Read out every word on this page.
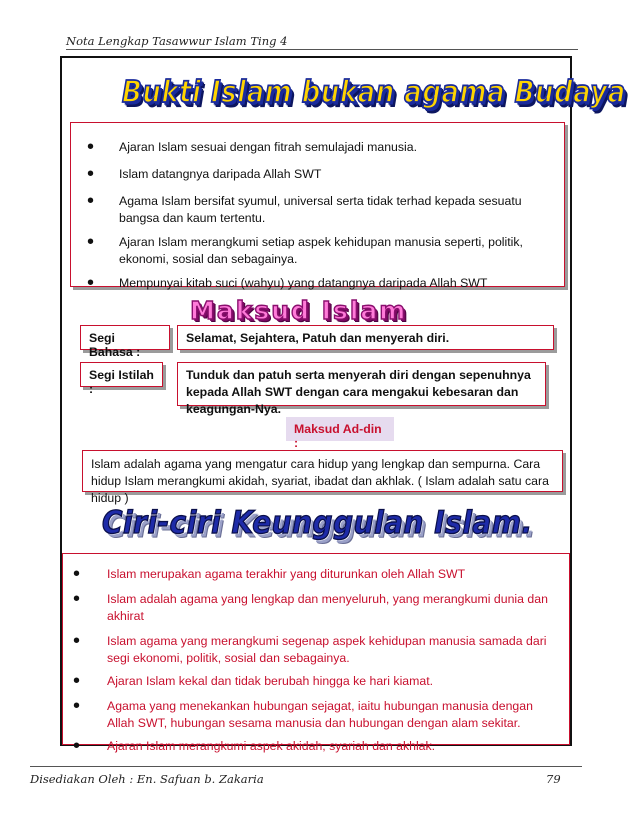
Nota Lengkap Tasawwur Islam Ting 4
Bukti Islam bukan agama Budaya
• Ajaran Islam sesuai dengan fitrah semulajadi manusia.
• Islam datangnya daripada Allah SWT
• Agama Islam bersifat syumul, universal serta tidak terhad kepada sesuatu bangsa dan kaum tertentu.
• Ajaran Islam merangkumi setiap aspek kehidupan manusia seperti, politik, ekonomi, sosial dan sebagainya.
• Mempunyai kitab suci (wahyu) yang datangnya daripada Allah SWT
Maksud Islam
Segi Bahasa :
Selamat, Sejahtera, Patuh dan menyerah diri.
Segi Istilah :
Tunduk dan patuh serta menyerah diri dengan sepenuhnya kepada Allah SWT dengan cara mengakui kebesaran dan keagungan-Nya.
Maksud Ad-din :
Islam adalah agama yang mengatur cara hidup yang lengkap dan sempurna. Cara hidup Islam merangkumi akidah, syariat, ibadat dan akhlak. ( Islam adalah satu cara hidup )
Ciri-ciri Keunggulan Islam.
• Islam merupakan agama terakhir yang diturunkan oleh Allah SWT
• Islam adalah agama yang lengkap dan menyeluruh, yang merangkumi dunia dan akhirat
• Islam agama yang merangkumi segenap aspek kehidupan manusia samada dari segi ekonomi, politik, sosial dan sebagainya.
• Ajaran Islam kekal dan tidak berubah hingga ke hari kiamat.
• Agama yang menekankan hubungan sejagat, iaitu hubungan manusia dengan Allah SWT, hubungan sesama manusia dan hubungan dengan alam sekitar.
• Ajaran Islam merangkumi aspek akidah, syariah dan akhlak.
Disediakan Oleh : En. Safuan b. Zakaria	79
